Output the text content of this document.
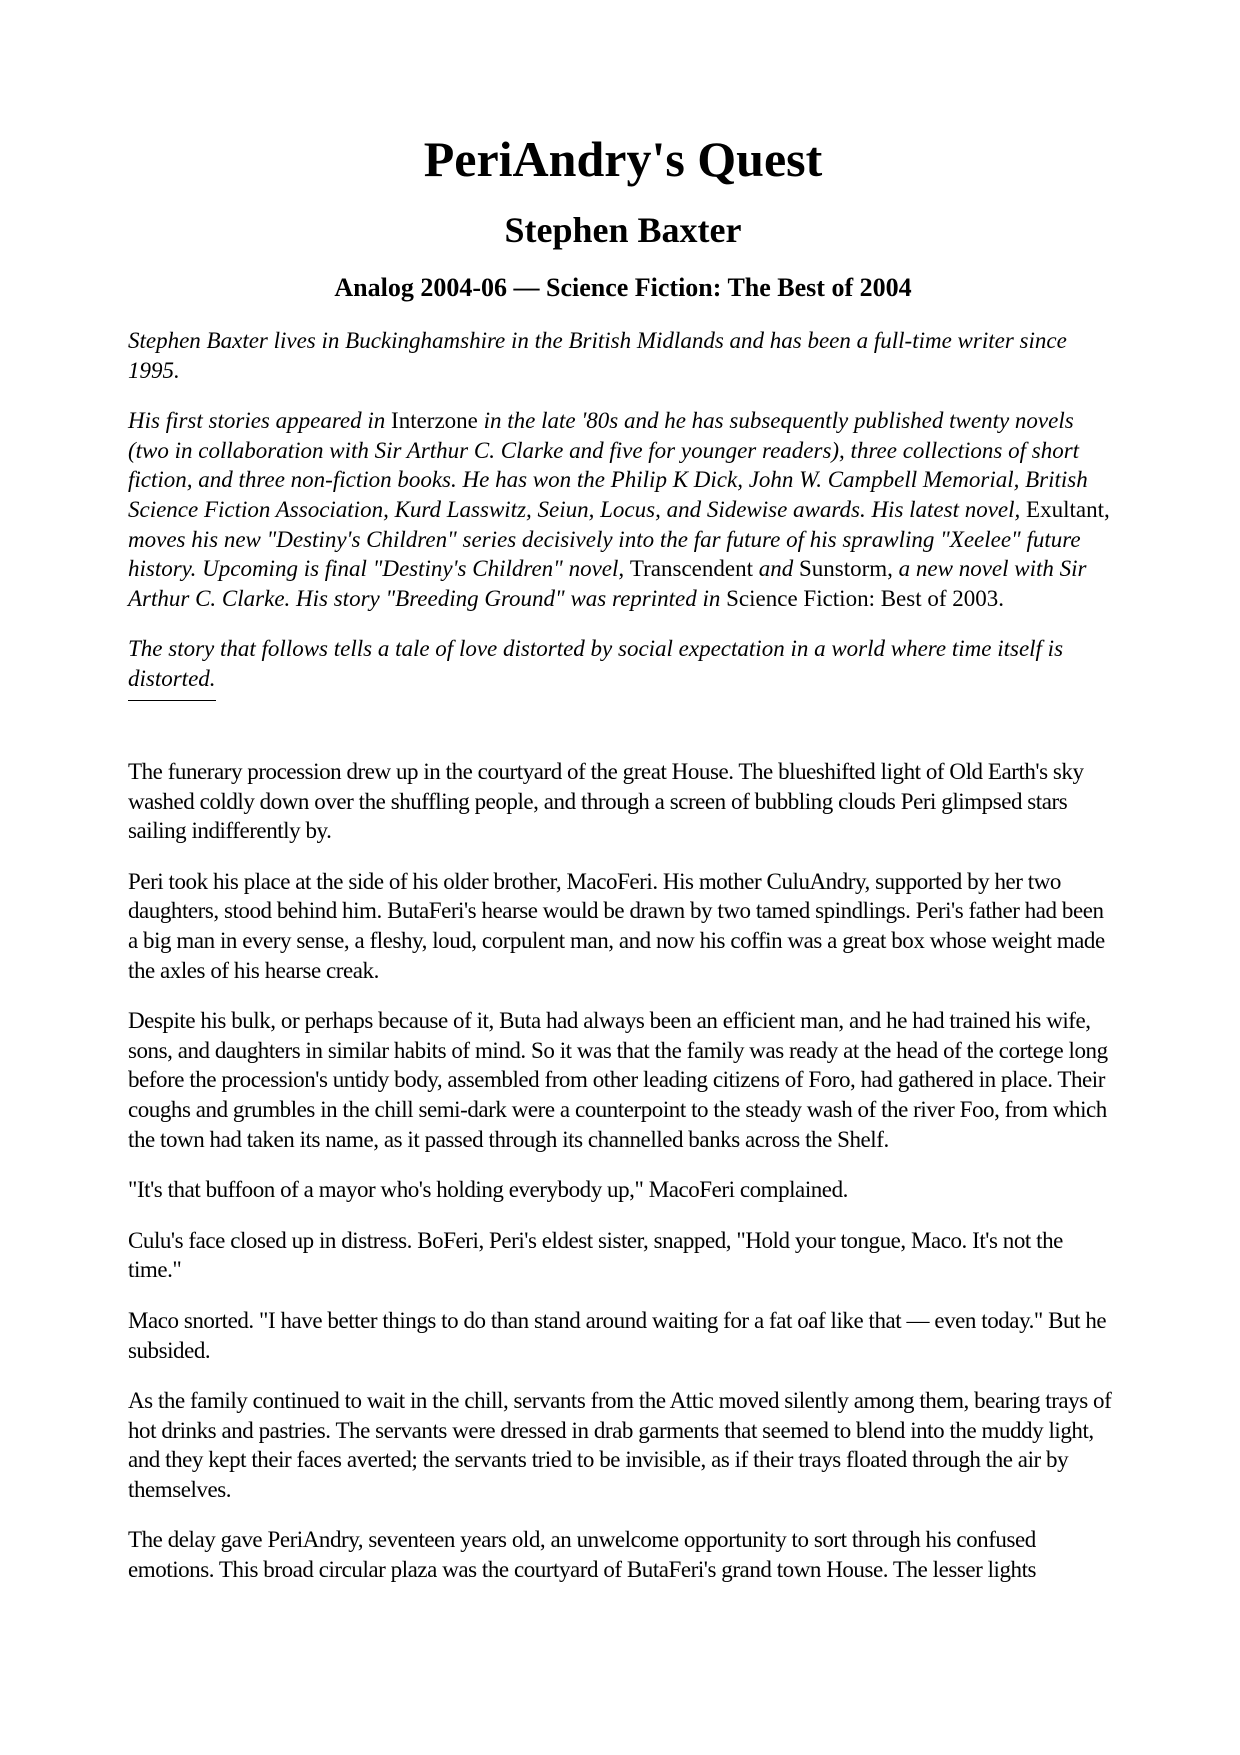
PeriAndry's Quest
Stephen Baxter
Analog 2004-06 — Science Fiction: The Best of 2004

Stephen Baxter lives in Buckinghamshire in the British Midlands and has been a full-time writer since 1995.

His first stories appeared in Interzone in the late '80s and he has subsequently published twenty novels (two in collaboration with Sir Arthur C. Clarke and five for younger readers), three collections of short fiction, and three non-fiction books. He has won the Philip K Dick, John W. Campbell Memorial, British Science Fiction Association, Kurd Lasswitz, Seiun, Locus, and Sidewise awards. His latest novel, Exultant, moves his new "Destiny's Children" series decisively into the far future of his sprawling "Xeelee" future history. Upcoming is final "Destiny's Children" novel, Transcendent and Sunstorm, a new novel with Sir Arthur C. Clarke. His story "Breeding Ground" was reprinted in Science Fiction: Best of 2003.

The story that follows tells a tale of love distorted by social expectation in a world where time itself is distorted.

The funerary procession drew up in the courtyard of the great House. The blueshifted light of Old Earth's sky washed coldly down over the shuffling people, and through a screen of bubbling clouds Peri glimpsed stars sailing indifferently by.

Peri took his place at the side of his older brother, MacoFeri. His mother CuluAndry, supported by her two daughters, stood behind him. ButaFeri's hearse would be drawn by two tamed spindlings. Peri's father had been a big man in every sense, a fleshy, loud, corpulent man, and now his coffin was a great box whose weight made the axles of his hearse creak.

Despite his bulk, or perhaps because of it, Buta had always been an efficient man, and he had trained his wife, sons, and daughters in similar habits of mind. So it was that the family was ready at the head of the cortege long before the procession's untidy body, assembled from other leading citizens of Foro, had gathered in place. Their coughs and grumbles in the chill semi-dark were a counterpoint to the steady wash of the river Foo, from which the town had taken its name, as it passed through its channelled banks across the Shelf.

"It's that buffoon of a mayor who's holding everybody up," MacoFeri complained.

Culu's face closed up in distress. BoFeri, Peri's eldest sister, snapped, "Hold your tongue, Maco. It's not the time."

Maco snorted. "I have better things to do than stand around waiting for a fat oaf like that — even today." But he subsided.

As the family continued to wait in the chill, servants from the Attic moved silently among them, bearing trays of hot drinks and pastries. The servants were dressed in drab garments that seemed to blend into the muddy light, and they kept their faces averted; the servants tried to be invisible, as if their trays floated through the air by themselves.

The delay gave PeriAndry, seventeen years old, an unwelcome opportunity to sort through his confused emotions. This broad circular plaza was the courtyard of ButaFeri's grand town House. The lesser lights
